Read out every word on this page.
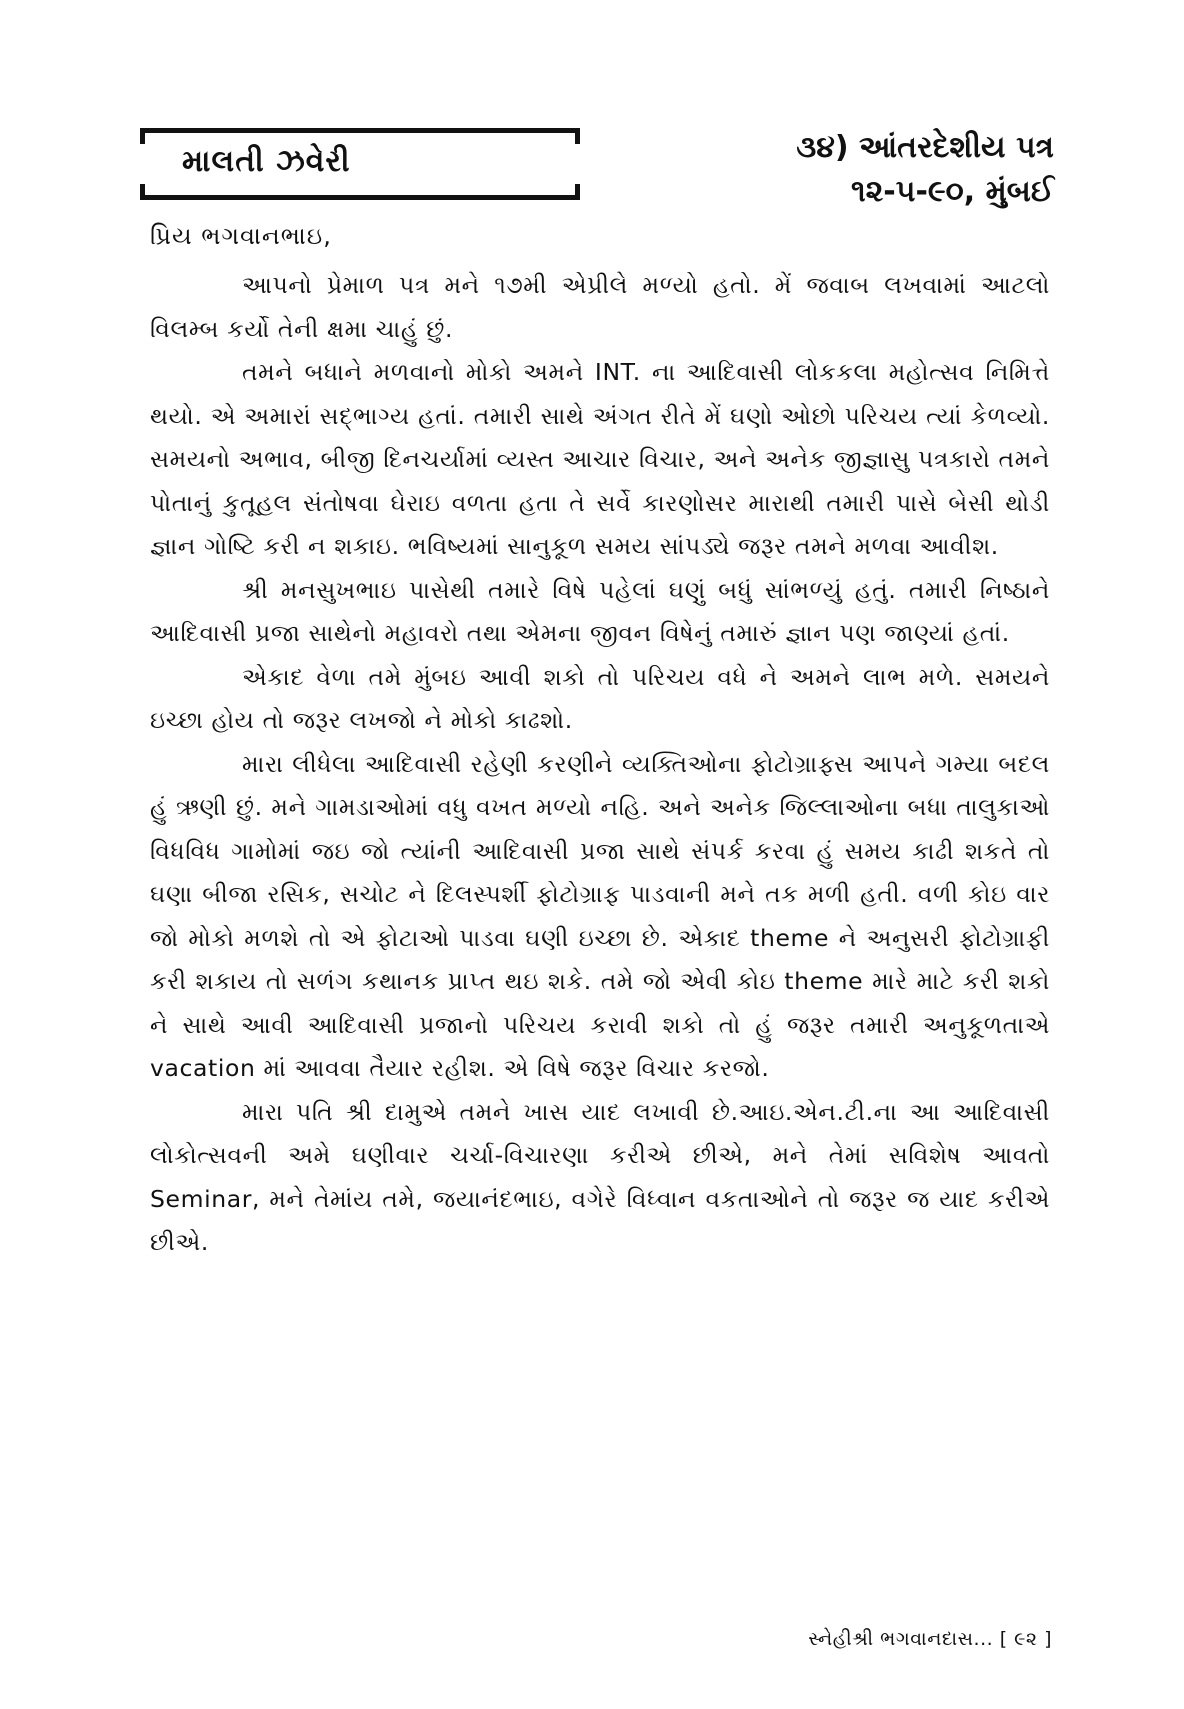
માલતી ઝવેરી	૩૪) આંતરદેશીય પત્ર
૧૨-૫-૯૦, મુંબઈ
પ્રિય ભગવાનભાઇ,

આપનો પ્રેમાળ પત્ર મને ૧૭મી એપ્રીલે મળ્યો હતો. મેં જવાબ લખવામાં આટલો વિલમ્બ કર્યો તેની ક્ષમા ચાહું છું.

તમને બધાને મળવાનો મોકો અમને INT. ના આદિવાસી લોકકલા મહોત્સવ નિમિત્તે થયો. એ અમારાં સદ્ભાગ્ય હતાં. તમારી સાથે અંગત રીતે મેં ઘણો ઓછો પરિચય ત્યાં કેળવ્યો. સમયનો અભાવ, બીજી દિનચર્યામાં વ્યસ્ત આચાર વિચાર, અને અનેક જીજ્ઞાસુ પત્રકારો તમને પોતાનું કુતૂહલ સંતોષવા ઘેરાઇ વળતા હતા તે સર્વે કારણોસર મારાથી તમારી પાસે બેસી થોડી જ્ઞાન ગોષ્ટિ કરી ન શકાઇ. ભવિષ્યમાં સાનુકૂળ સમય સાંપડ્યે જરૂર તમને મળવા આવીશ.

શ્રી મનસુખભાઇ પાસેથી તમારે વિષે પહેલાં ઘણું બધું સાંભળ્યું હતું. તમારી નિષ્ઠાને આદિવાસી પ્રજા સાથેનો મહાવરો તથા એમના જીવન વિષેનું તમારું જ્ઞાન પણ જાણ્યાં હતાં.

એકાદ વેળા તમે મુંબઇ આવી શકો તો પરિચય વધે ને અમને લાભ મળે. સમયને ઇચ્છા હોય તો જરૂર લખજો ને મોકો કાઢશો.

મારા લીધેલા આદિવાસી રહેણી કરણીને વ્યક્તિઓના ફોટોગ્રાફ્સ આપને ગમ્યા બદલ હું ઋણી છું. મને ગામડાઓમાં વધુ વખત મળ્યો નહિ. અને અનેક જિલ્લાઓના બધા તાલુકાઓ વિધવિધ ગામોમાં જઇ જો ત્યાંની આદિવાસી પ્રજા સાથે સંપર્ક કરવા હું સમય કાઢી શકતે તો ઘણા બીજા રસિક, સચોટ ને દિલસ્પર્શી ફોટોગ્રાફ પાડવાની મને તક મળી હતી. વળી કોઇ વાર જો મોકો મળશે તો એ ફોટાઓ પાડવા ઘણી ઇચ્છા છે. એકાદ theme ને અનુસરી ફોટોગ્રાફી કરી શકાય તો સળંગ કથાનક પ્રાપ્ત થઇ શકે. તમે જો એવી કોઇ theme મારે માટે કરી શકો ને સાથે આવી આદિવાસી પ્રજાનો પરિચય કરાવી શકો તો હું જરૂર તમારી અનુકૂળતાએ vacation માં આવવા તૈયાર રહીશ. એ વિષે જરૂર વિચાર કરજો.

મારા પતિ શ્રી દામુએ તમને ખાસ યાદ લખાવી છે.આઇ.એન.ટી.ના આ આદિવાસી લોકોત્સવની અમે ઘણીવાર ચર્ચા-વિચારણા કરીએ છીએ, મને તેમાં સવિશેષ આવતો Seminar, મને તેમાંય તમે, જયાનંદભાઇ, વગેરે વિધ્વાન વકતાઓને તો જરૂર જ યાદ કરીએ છીએ.

સ્નેહીશ્રી ભગવાનદાસ... [ ૯૨ ]
